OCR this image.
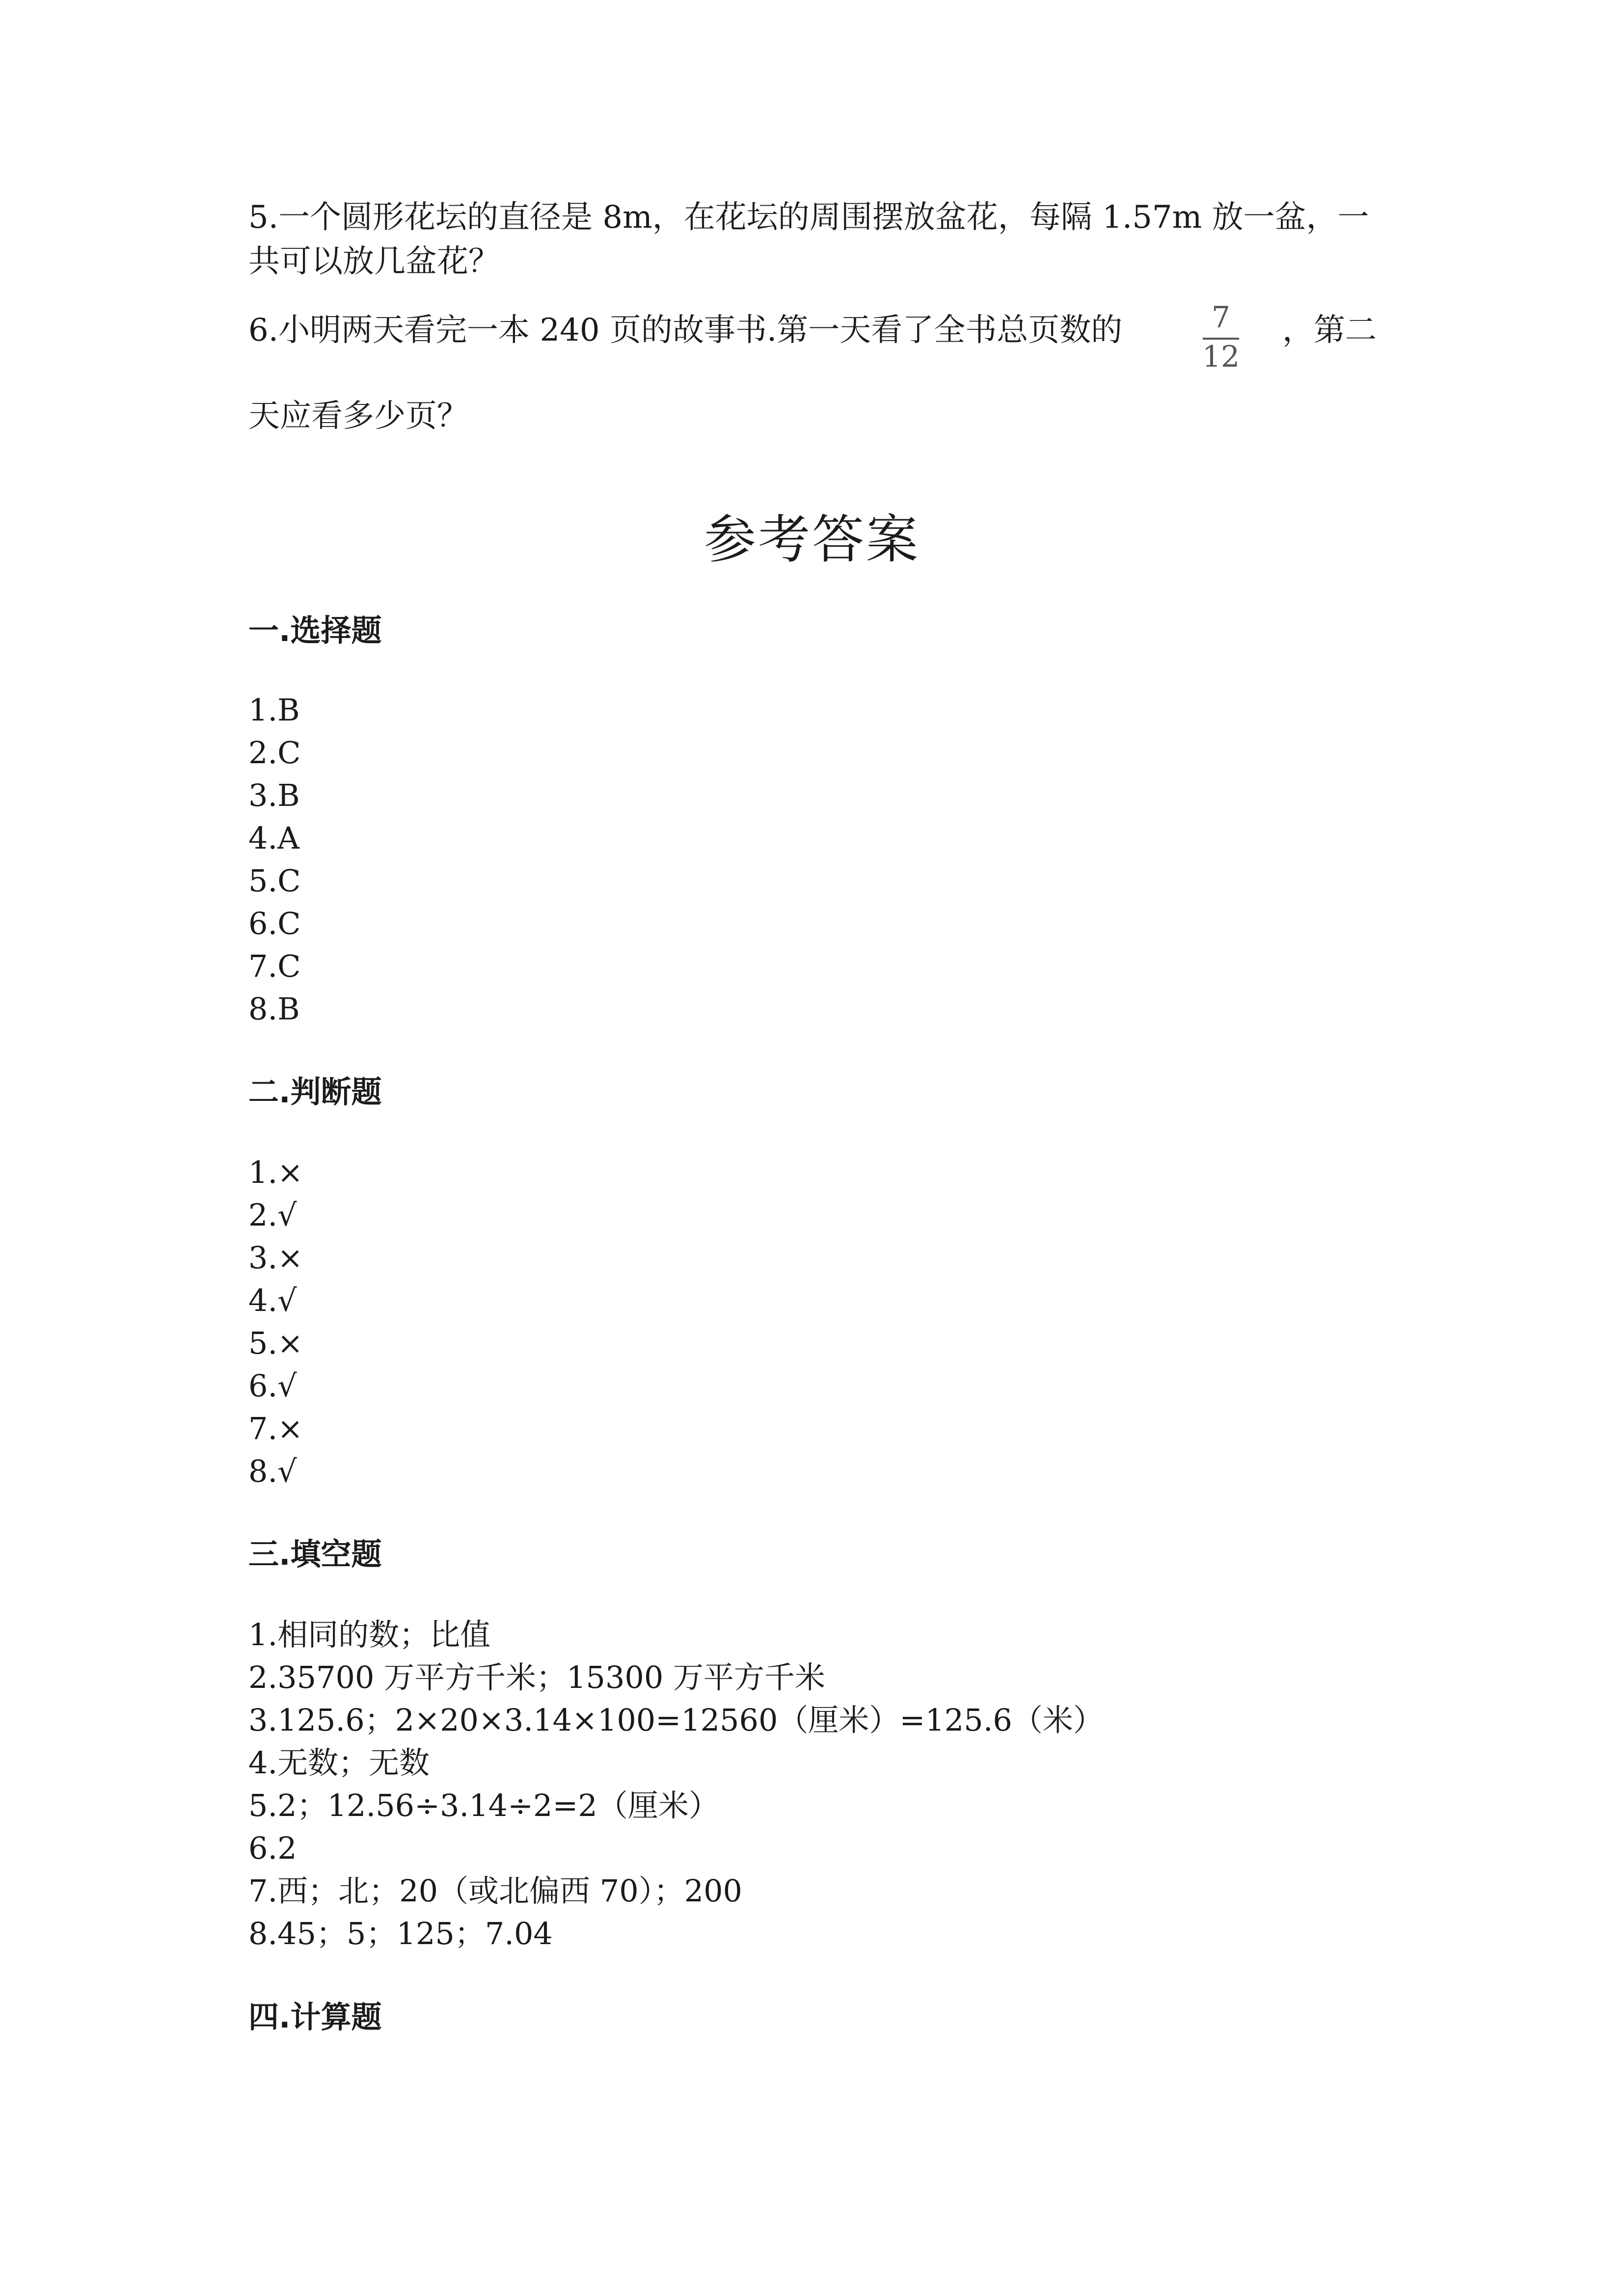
5.一个圆形花坛的直径是 8m，在花坛的周围摆放盆花，每隔 1.57m 放一盆，一
共可以放几盆花？
6.小明两天看完一本 240 页的故事书.第一天看了全书总页数的	7
12
，第二
天应看多少页？
参考答案
一.选择题
1.B
2.C
3.B
4.A
5.C
6.C
7.C
8.B
二.判断题
1.×
2.√
3.×
4.√
5.×
6.√
7.×
8.√
三.填空题
1.相同的数；比值
2.35700 万平方千米；15300 万平方千米
3.125.6；2×20×3.14×100=12560（厘米）=125.6（米）
4.无数；无数
5.2；12.56÷3.14÷2=2（厘米）
6.2
7.西；北；20（或北偏西 70）；200
8.45；5；125；7.04
四.计算题
